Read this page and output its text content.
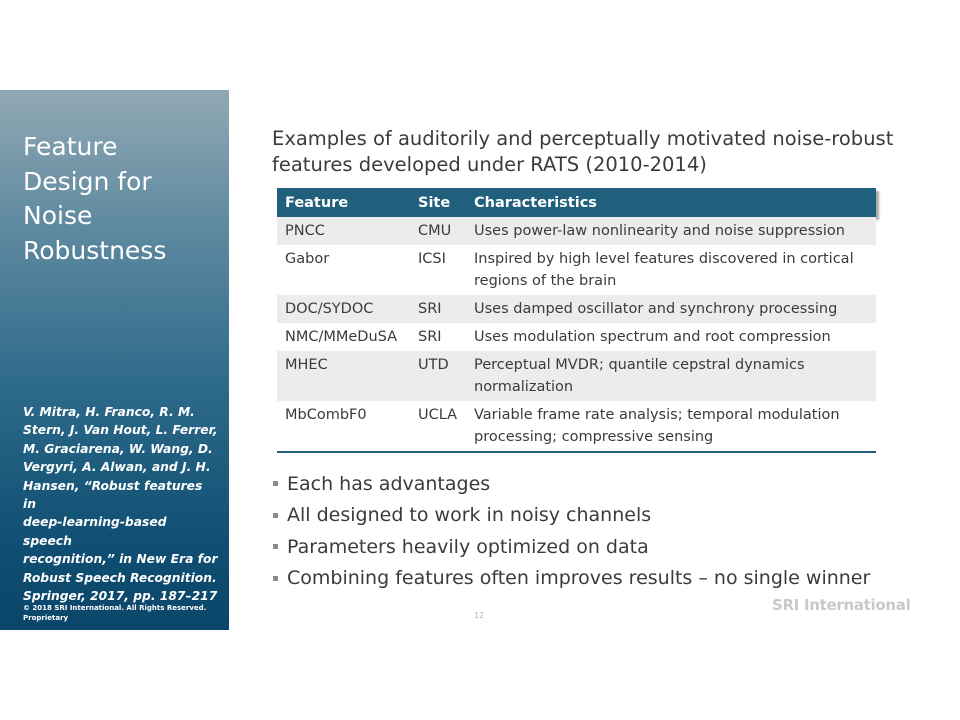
Feature
Design for
Noise
Robustness
V. Mitra, H. Franco, R. M.
Stern, J. Van Hout, L. Ferrer,
M. Graciarena, W. Wang, D.
Vergyri, A. Alwan, and J. H.
Hansen, “Robust features in
deep-learning-based speech
recognition,” in New Era for
Robust Speech Recognition.
Springer, 2017, pp. 187–217
© 2018 SRI International. All Rights Reserved. Proprietary
Examples of auditorily and perceptually motivated noise-robust
features developed under RATS (2010-2014)
Feature	Site	Characteristics
PNCC	CMU	Uses power-law nonlinearity and noise suppression
Gabor	ICSI	Inspired by high level features discovered in cortical regions of the brain
DOC/SYDOC	SRI	Uses damped oscillator and synchrony processing
NMC/MMeDuSA	SRI	Uses modulation spectrum and root compression
MHEC	UTD	Perceptual MVDR; quantile cepstral dynamics normalization
MbCombF0	UCLA	Variable frame rate analysis; temporal modulation processing; compressive sensing
Each has advantages
All designed to work in noisy channels
Parameters heavily optimized on data
Combining features often improves results – no single winner
12
SRI International
